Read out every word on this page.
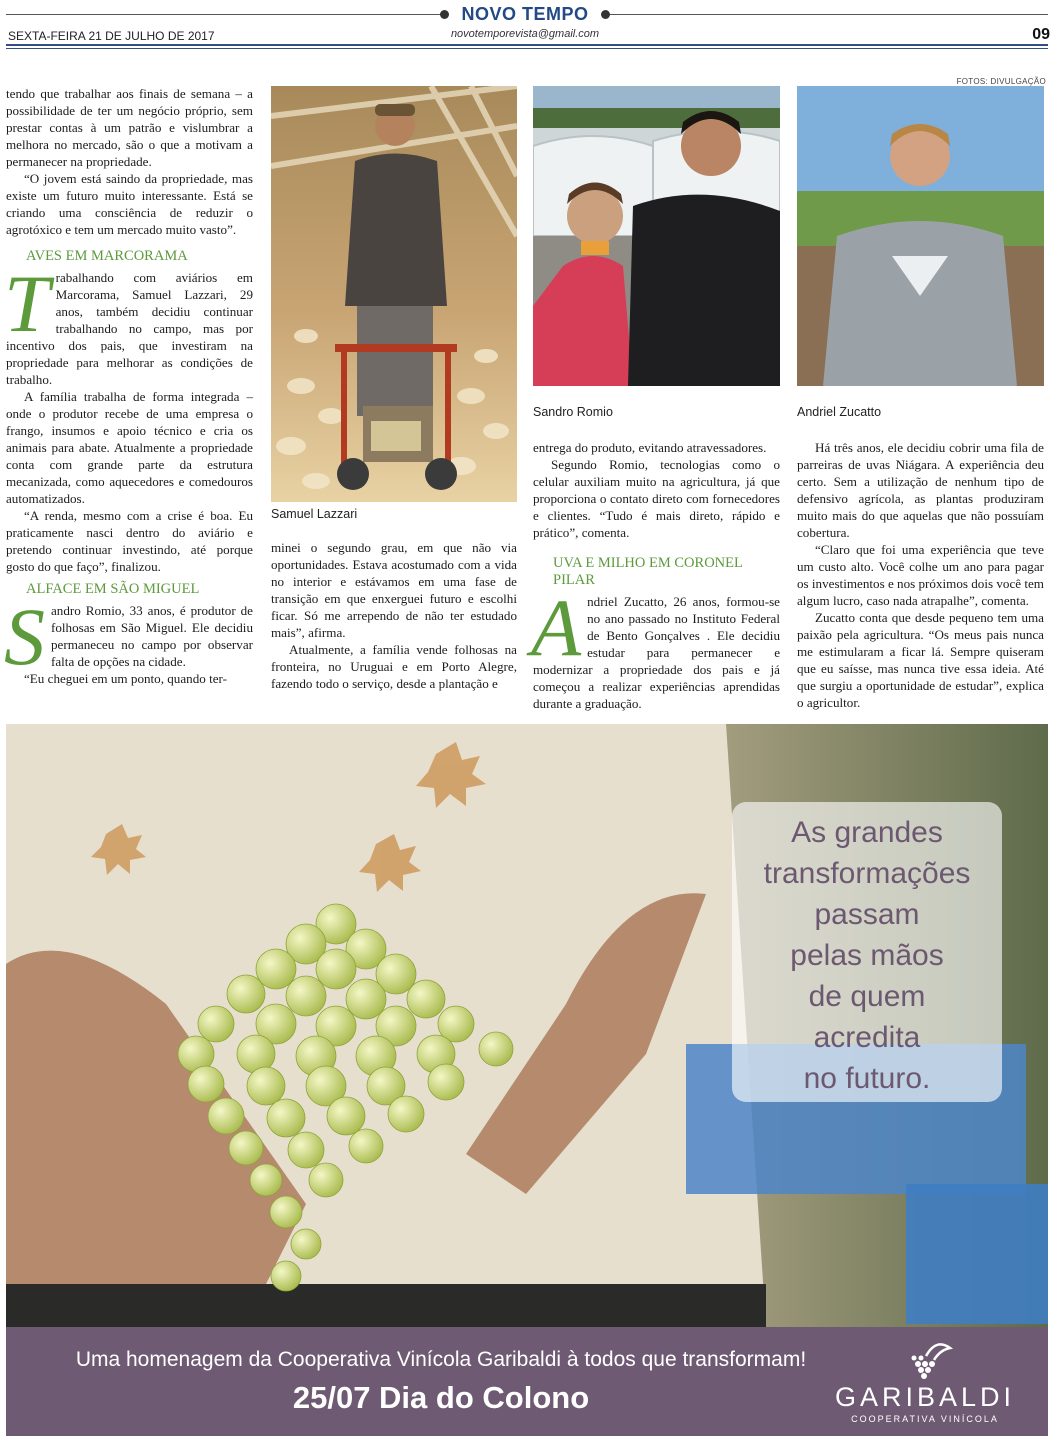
NOVO TEMPO
novotemporevista@gmail.com
SEXTA-FEIRA 21 DE JULHO DE 2017	09
FOTOS: DIVULGAÇÃO

tendo que trabalhar aos finais de semana – a possibilidade de ter um negócio próprio, sem prestar contas à um patrão e vislumbrar a melhora no mercado, são o que a motivam a permanecer na propriedade.

“O jovem está saindo da propriedade, mas existe um futuro muito interessante. Está se criando uma consciência de reduzir o agrotóxico e tem um mercado muito vasto”.

AVES EM MARCORAMA

Trabalhando com aviários em Marcorama, Samuel Lazzari, 29 anos, também decidiu continuar trabalhando no campo, mas por incentivo dos pais, que investiram na propriedade para melhorar as condições de trabalho.

A família trabalha de forma integrada – onde o produtor recebe de uma empresa o frango, insumos e apoio técnico e cria os animais para abate. Atualmente a propriedade conta com grande parte da estrutura mecanizada, como aquecedores e comedouros automatizados.

“A renda, mesmo com a crise é boa. Eu praticamente nasci dentro do aviário e pretendo continuar investindo, até porque gosto do que faço”, finalizou.

ALFACE EM SÃO MIGUEL

Sandro Romio, 33 anos, é produtor de folhosas em São Miguel. Ele decidiu permaneceu no campo por observar falta de opções na cidade.

“Eu cheguei em um ponto, quando ter-

Samuel Lazzari

minei o segundo grau, em que não via oportunidades. Estava acostumado com a vida no interior e estávamos em uma fase de transição em que enxerguei futuro e escolhi ficar. Só me arrependo de não ter estudado mais”, afirma.

Atualmente, a família vende folhosas na fronteira, no Uruguai e em Porto Alegre, fazendo todo o serviço, desde a plantação e

Sandro Romio

entrega do produto, evitando atravessadores.

Segundo Romio, tecnologias como o celular auxiliam muito na agricultura, já que proporciona o contato direto com fornecedores e clientes. “Tudo é mais direto, rápido e prático”, comenta.

UVA E MILHO EM CORONEL PILAR

Andriel Zucatto, 26 anos, formou-se no ano passado no Instituto Federal de Bento Gonçalves . Ele decidiu estudar para permanecer e modernizar a propriedade dos pais e já começou a realizar experiências aprendidas durante a graduação.

Andriel Zucatto

Há três anos, ele decidiu cobrir uma fila de parreiras de uvas Niágara. A experiência deu certo. Sem a utilização de nenhum tipo de defensivo agrícola, as plantas produziram muito mais do que aquelas que não possuíam cobertura.

“Claro que foi uma experiência que teve um custo alto. Você colhe um ano para pagar os investimentos e nos próximos dois você tem algum lucro, caso nada atrapalhe”, comenta.

Zucatto conta que desde pequeno tem uma paixão pela agricultura. “Os meus pais nunca me estimularam a ficar lá. Sempre quiseram que eu saísse, mas nunca tive essa ideia. Até que surgiu a oportunidade de estudar”, explica o agricultor.

As grandes
transformações
passam
pelas mãos
de quem
acredita
no futuro.
Uma homenagem da Cooperativa Vinícola Garibaldi à todos que transformam!
25/07 Dia do Colono	GARIBALDI
COOPERATIVA VINÍCOLA
